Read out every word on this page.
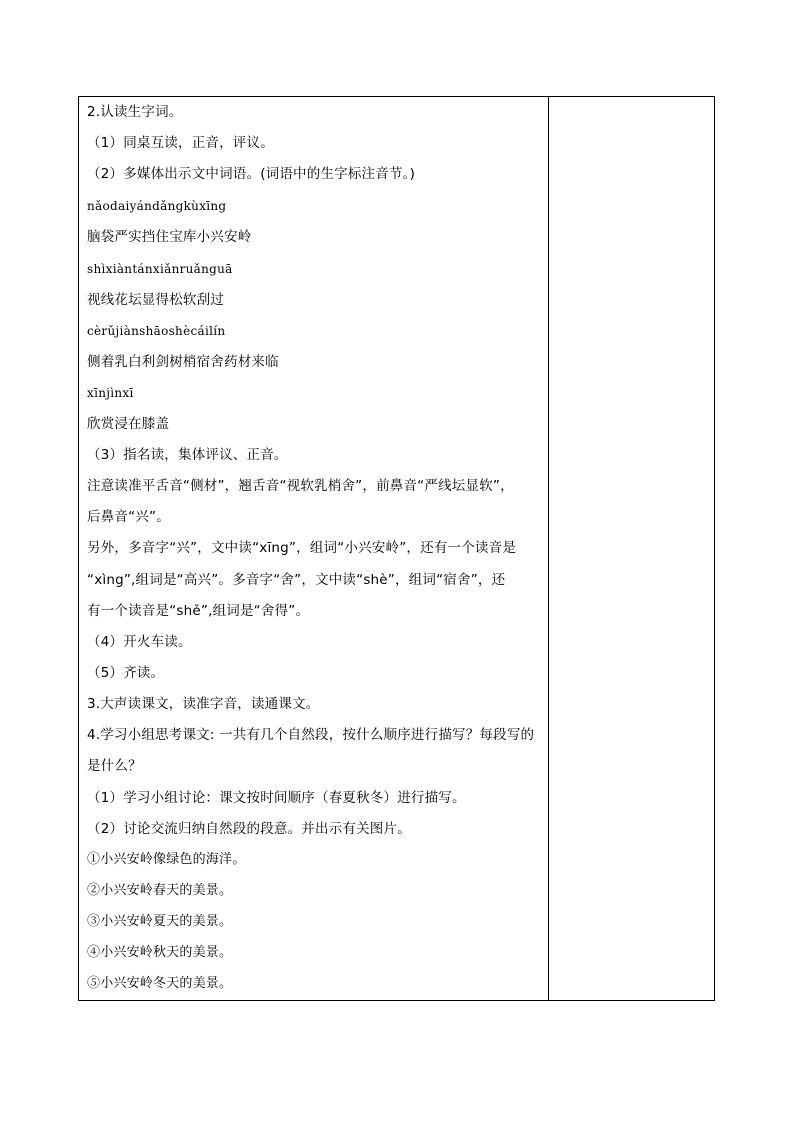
2.认读生字词。
（1）同桌互读，正音，评议。
（2）多媒体出示文中词语。(词语中的生字标注音节。)
nǎodaiyándǎngkùxīng
脑袋严实挡住宝库小兴安岭
shìxiàntánxiǎnruǎnguā
视线花坛显得松软刮过
cèrǔjiànshāoshècáilín
侧着乳白利剑树梢宿舍药材来临
xīnjìnxī
欣赏浸在膝盖
（3）指名读，集体评议、正音。
注意读准平舌音“侧材”，翘舌音“视软乳梢舍”，前鼻音“严线坛显软”，
后鼻音“兴”。
另外，多音字“兴”，文中读“xīng”，组词“小兴安岭”，还有一个读音是
“xìng”,组词是“高兴”。多音字“舍”，文中读“shè”，组词“宿舍”，还
有一个读音是“shě”,组词是“舍得”。
（4）开火车读。
（5）齐读。
3.大声读课文，读准字音，读通课文。
4.学习小组思考课文: 一共有几个自然段，按什么顺序进行描写？每段写的
是什么？
（1）学习小组讨论：课文按时间顺序（春夏秋冬）进行描写。
（2）讨论交流归纳自然段的段意。并出示有关图片。
①小兴安岭像绿色的海洋。
②小兴安岭春天的美景。
③小兴安岭夏天的美景。
④小兴安岭秋天的美景。
⑤小兴安岭冬天的美景。
